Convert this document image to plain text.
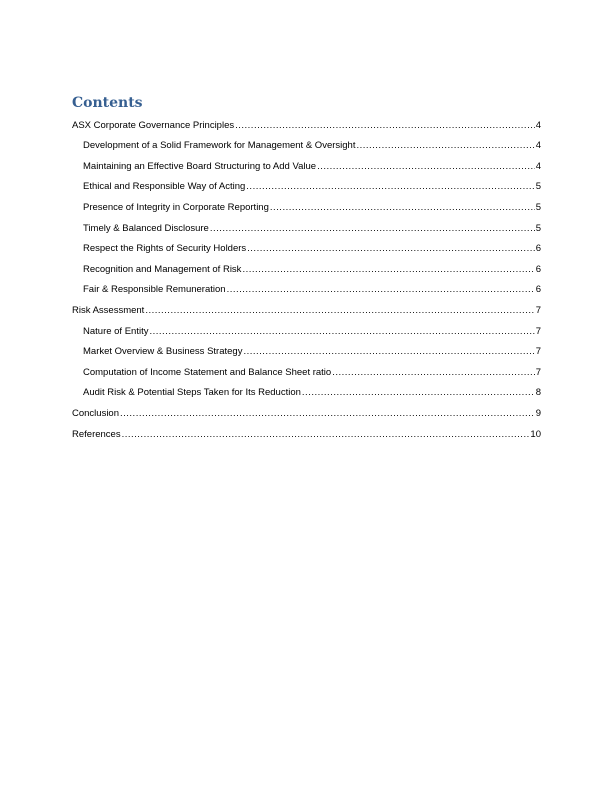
Contents
ASX Corporate Governance Principles .....	4
Development of a Solid Framework for Management & Oversight .....	4
Maintaining an Effective Board Structuring to Add Value .....	4
Ethical and Responsible Way of Acting .....	5
Presence of Integrity in Corporate Reporting .....	5
Timely & Balanced Disclosure .....	5
Respect the Rights of Security Holders .....	6
Recognition and Management of Risk .....	6
Fair & Responsible Remuneration .....	6
Risk Assessment .....	7
Nature of Entity .....	7
Market Overview & Business Strategy .....	7
Computation of Income Statement and Balance Sheet ratio .....	7
Audit Risk & Potential Steps Taken for Its Reduction .....	8
Conclusion .....	9
References .....	10
